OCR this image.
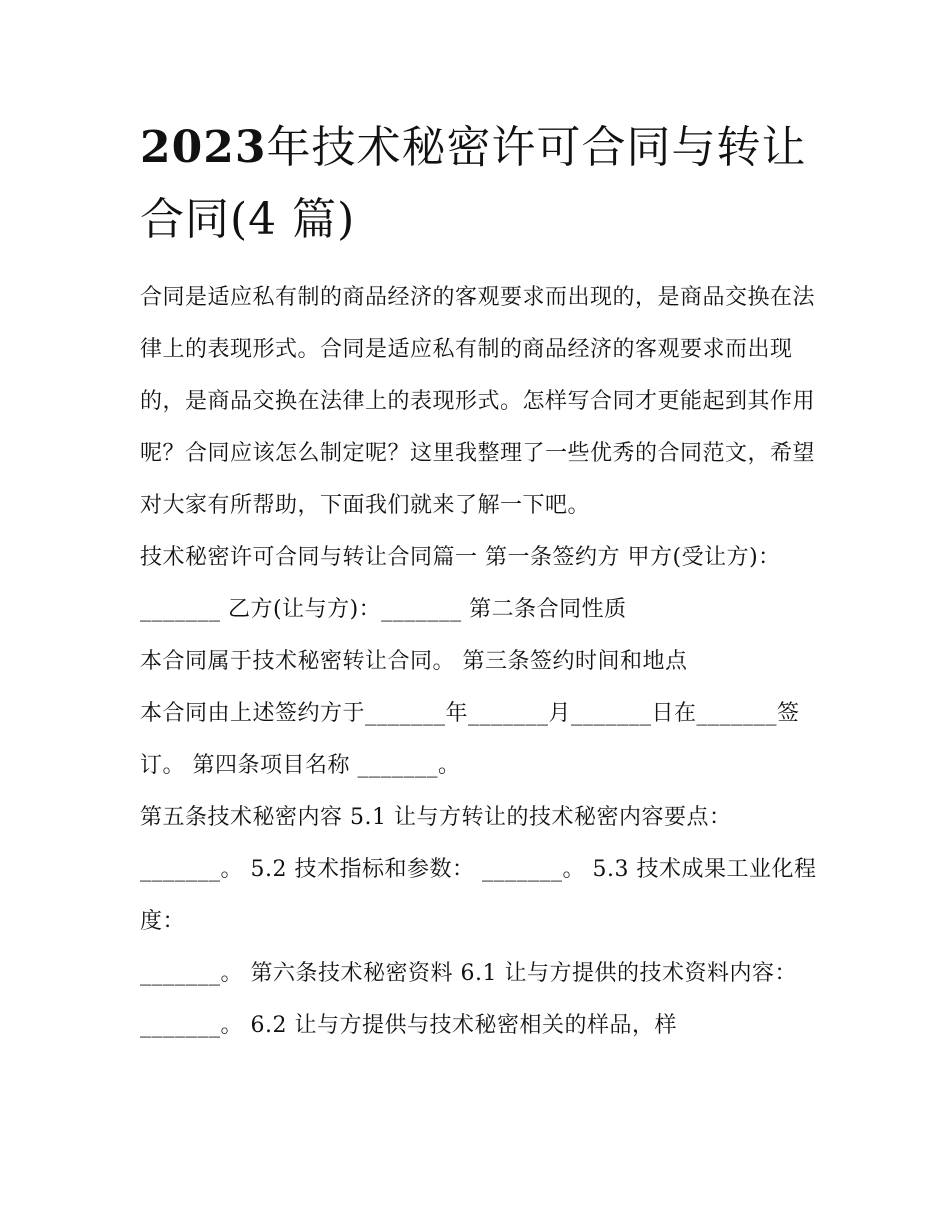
2023年技术秘密许可合同与转让合同(4 篇)

合同是适应私有制的商品经济的客观要求而出现的，是商品交换在法律上的表现形式。合同是适应私有制的商品经济的客观要求而出现的，是商品交换在法律上的表现形式。怎样写合同才更能起到其作用呢？合同应该怎么制定呢？这里我整理了一些优秀的合同范文，希望对大家有所帮助，下面我们就来了解一下吧。

技术秘密许可合同与转让合同篇一 第一条签约方 甲方(受让方)：_______ 乙方(让与方)：_______ 第二条合同性质

本合同属于技术秘密转让合同。 第三条签约时间和地点

本合同由上述签约方于_______年_______月_______日在_______签订。 第四条项目名称 _______。

第五条技术秘密内容 5.1 让与方转让的技术秘密内容要点：_______。 5.2 技术指标和参数： _______。 5.3 技术成果工业化程度：

_______。 第六条技术秘密资料 6.1 让与方提供的技术资料内容： _______。 6.2 让与方提供与技术秘密相关的样品，样
